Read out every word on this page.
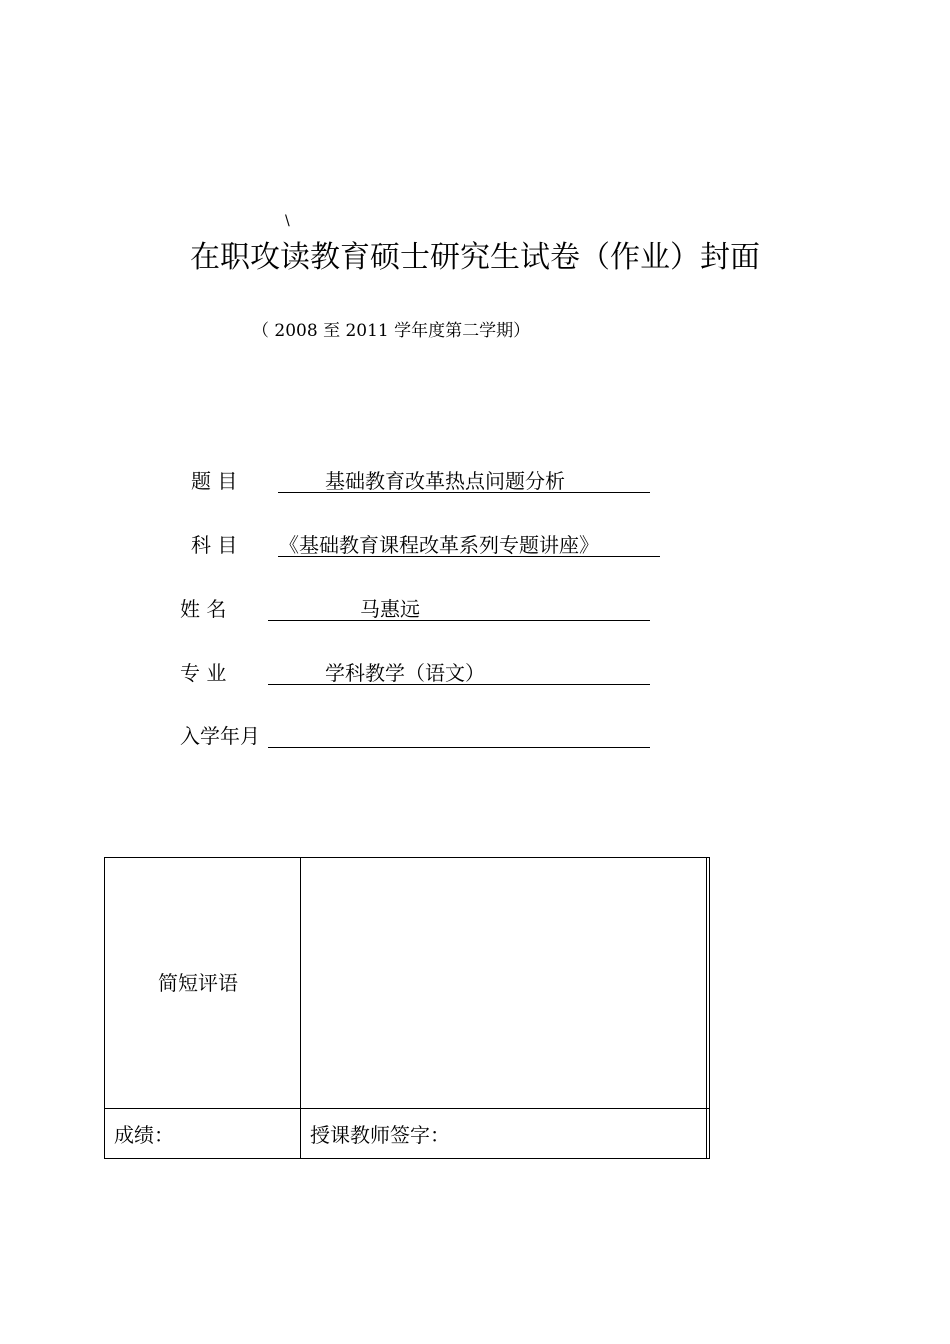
\
在职攻读教育硕士研究生试卷（作业）封面
（ 2008 至 2011 学年度第二学期）
题 目	基础教育改革热点问题分析
科 目 《基础教育课程改革系列专题讲座》
姓 名	马惠远
专 业	学科教学（语文）
入学年月
简短评语
成绩：	授课教师签字：
